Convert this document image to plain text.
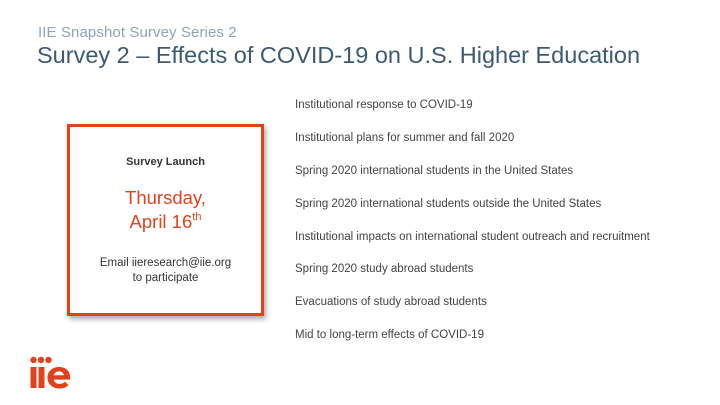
IIE Snapshot Survey Series 2
Survey 2 – Effects of COVID-19 on U.S. Higher Education
Survey Launch
Thursday,
April 16th
Email iieresearch@iie.org
to participate
Institutional response to COVID-19
Institutional plans for summer and fall 2020
Spring 2020 international students in the United States
Spring 2020 international students outside the United States
Institutional impacts on international student outreach and recruitment
Spring 2020 study abroad students
Evacuations of study abroad students
Mid to long-term effects of COVID-19
